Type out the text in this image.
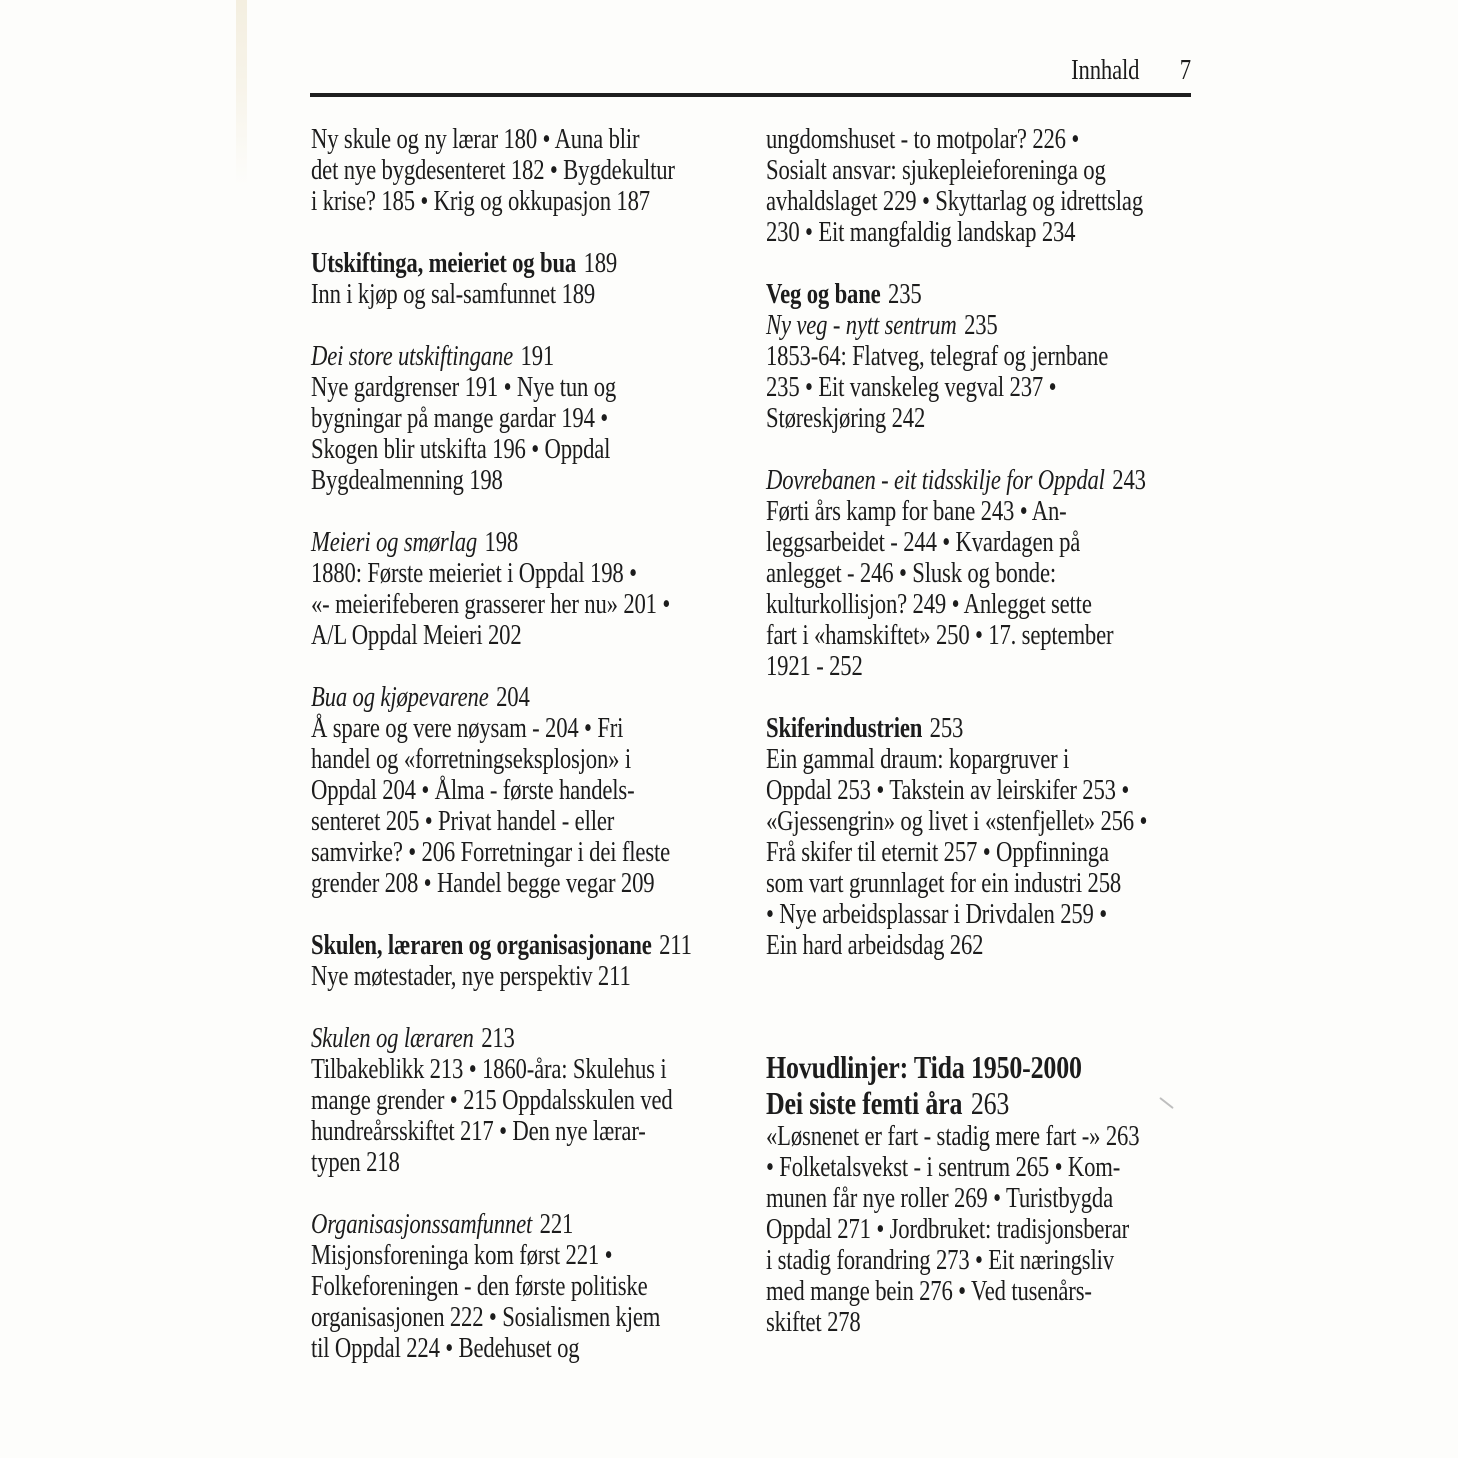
Innhald 7
Ny skule og ny lærar 180 • Auna blir
det nye bygdesenteret 182 • Bygdekultur
i krise? 185 • Krig og okkupasjon 187
Utskiftinga, meieriet og bua 189
Inn i kjøp og sal-samfunnet 189
Dei store utskiftingane 191
Nye gardgrenser 191 • Nye tun og
bygningar på mange gardar 194 •
Skogen blir utskifta 196 • Oppdal
Bygdealmenning 198
Meieri og smørlag 198
1880: Første meieriet i Oppdal 198 •
«- meierifeberen grasserer her nu» 201 •
A/L Oppdal Meieri 202
Bua og kjøpevarene 204
Å spare og vere nøysam - 204 • Fri
handel og «forretningseksplosjon» i
Oppdal 204 • Ålma - første handels-
senteret 205 • Privat handel - eller
samvirke? • 206 Forretningar i dei fleste
grender 208 • Handel begge vegar 209
Skulen, læraren og organisasjonane 211
Nye møtestader, nye perspektiv 211
Skulen og læraren 213
Tilbakeblikk 213 • 1860-åra: Skulehus i
mange grender • 215 Oppdalsskulen ved
hundreårsskiftet 217 • Den nye lærar-
typen 218
Organisasjonssamfunnet 221
Misjonsforeninga kom først 221 •
Folkeforeningen - den første politiske
organisasjonen 222 • Sosialismen kjem
til Oppdal 224 • Bedehuset og
ungdomshuset - to motpolar? 226 •
Sosialt ansvar: sjukepleieforeninga og
avhaldslaget 229 • Skyttarlag og idrettslag
230 • Eit mangfaldig landskap 234
Veg og bane 235
Ny veg - nytt sentrum 235
1853-64: Flatveg, telegraf og jernbane
235 • Eit vanskeleg vegval 237 •
Støreskjøring 242
Dovrebanen - eit tidsskilje for Oppdal 243
Førti års kamp for bane 243 • An-
leggsarbeidet - 244 • Kvardagen på
anlegget - 246 • Slusk og bonde:
kulturkollisjon? 249 • Anlegget sette
fart i «hamskiftet» 250 • 17. september
1921 - 252
Skiferindustrien 253
Ein gammal draum: kopargruver i
Oppdal 253 • Takstein av leirskifer 253 •
«Gjessengrin» og livet i «stenfjellet» 256 •
Frå skifer til eternit 257 • Oppfinninga
som vart grunnlaget for ein industri 258
• Nye arbeidsplassar i Drivdalen 259 •
Ein hard arbeidsdag 262
Hovudlinjer: Tida 1950-2000
Dei siste femti åra 263
«Løsnenet er fart - stadig mere fart -» 263
• Folketalsvekst - i sentrum 265 • Kom-
munen får nye roller 269 • Turistbygda
Oppdal 271 • Jordbruket: tradisjonsberar
i stadig forandring 273 • Eit næringsliv
med mange bein 276 • Ved tusenårs-
skiftet 278
